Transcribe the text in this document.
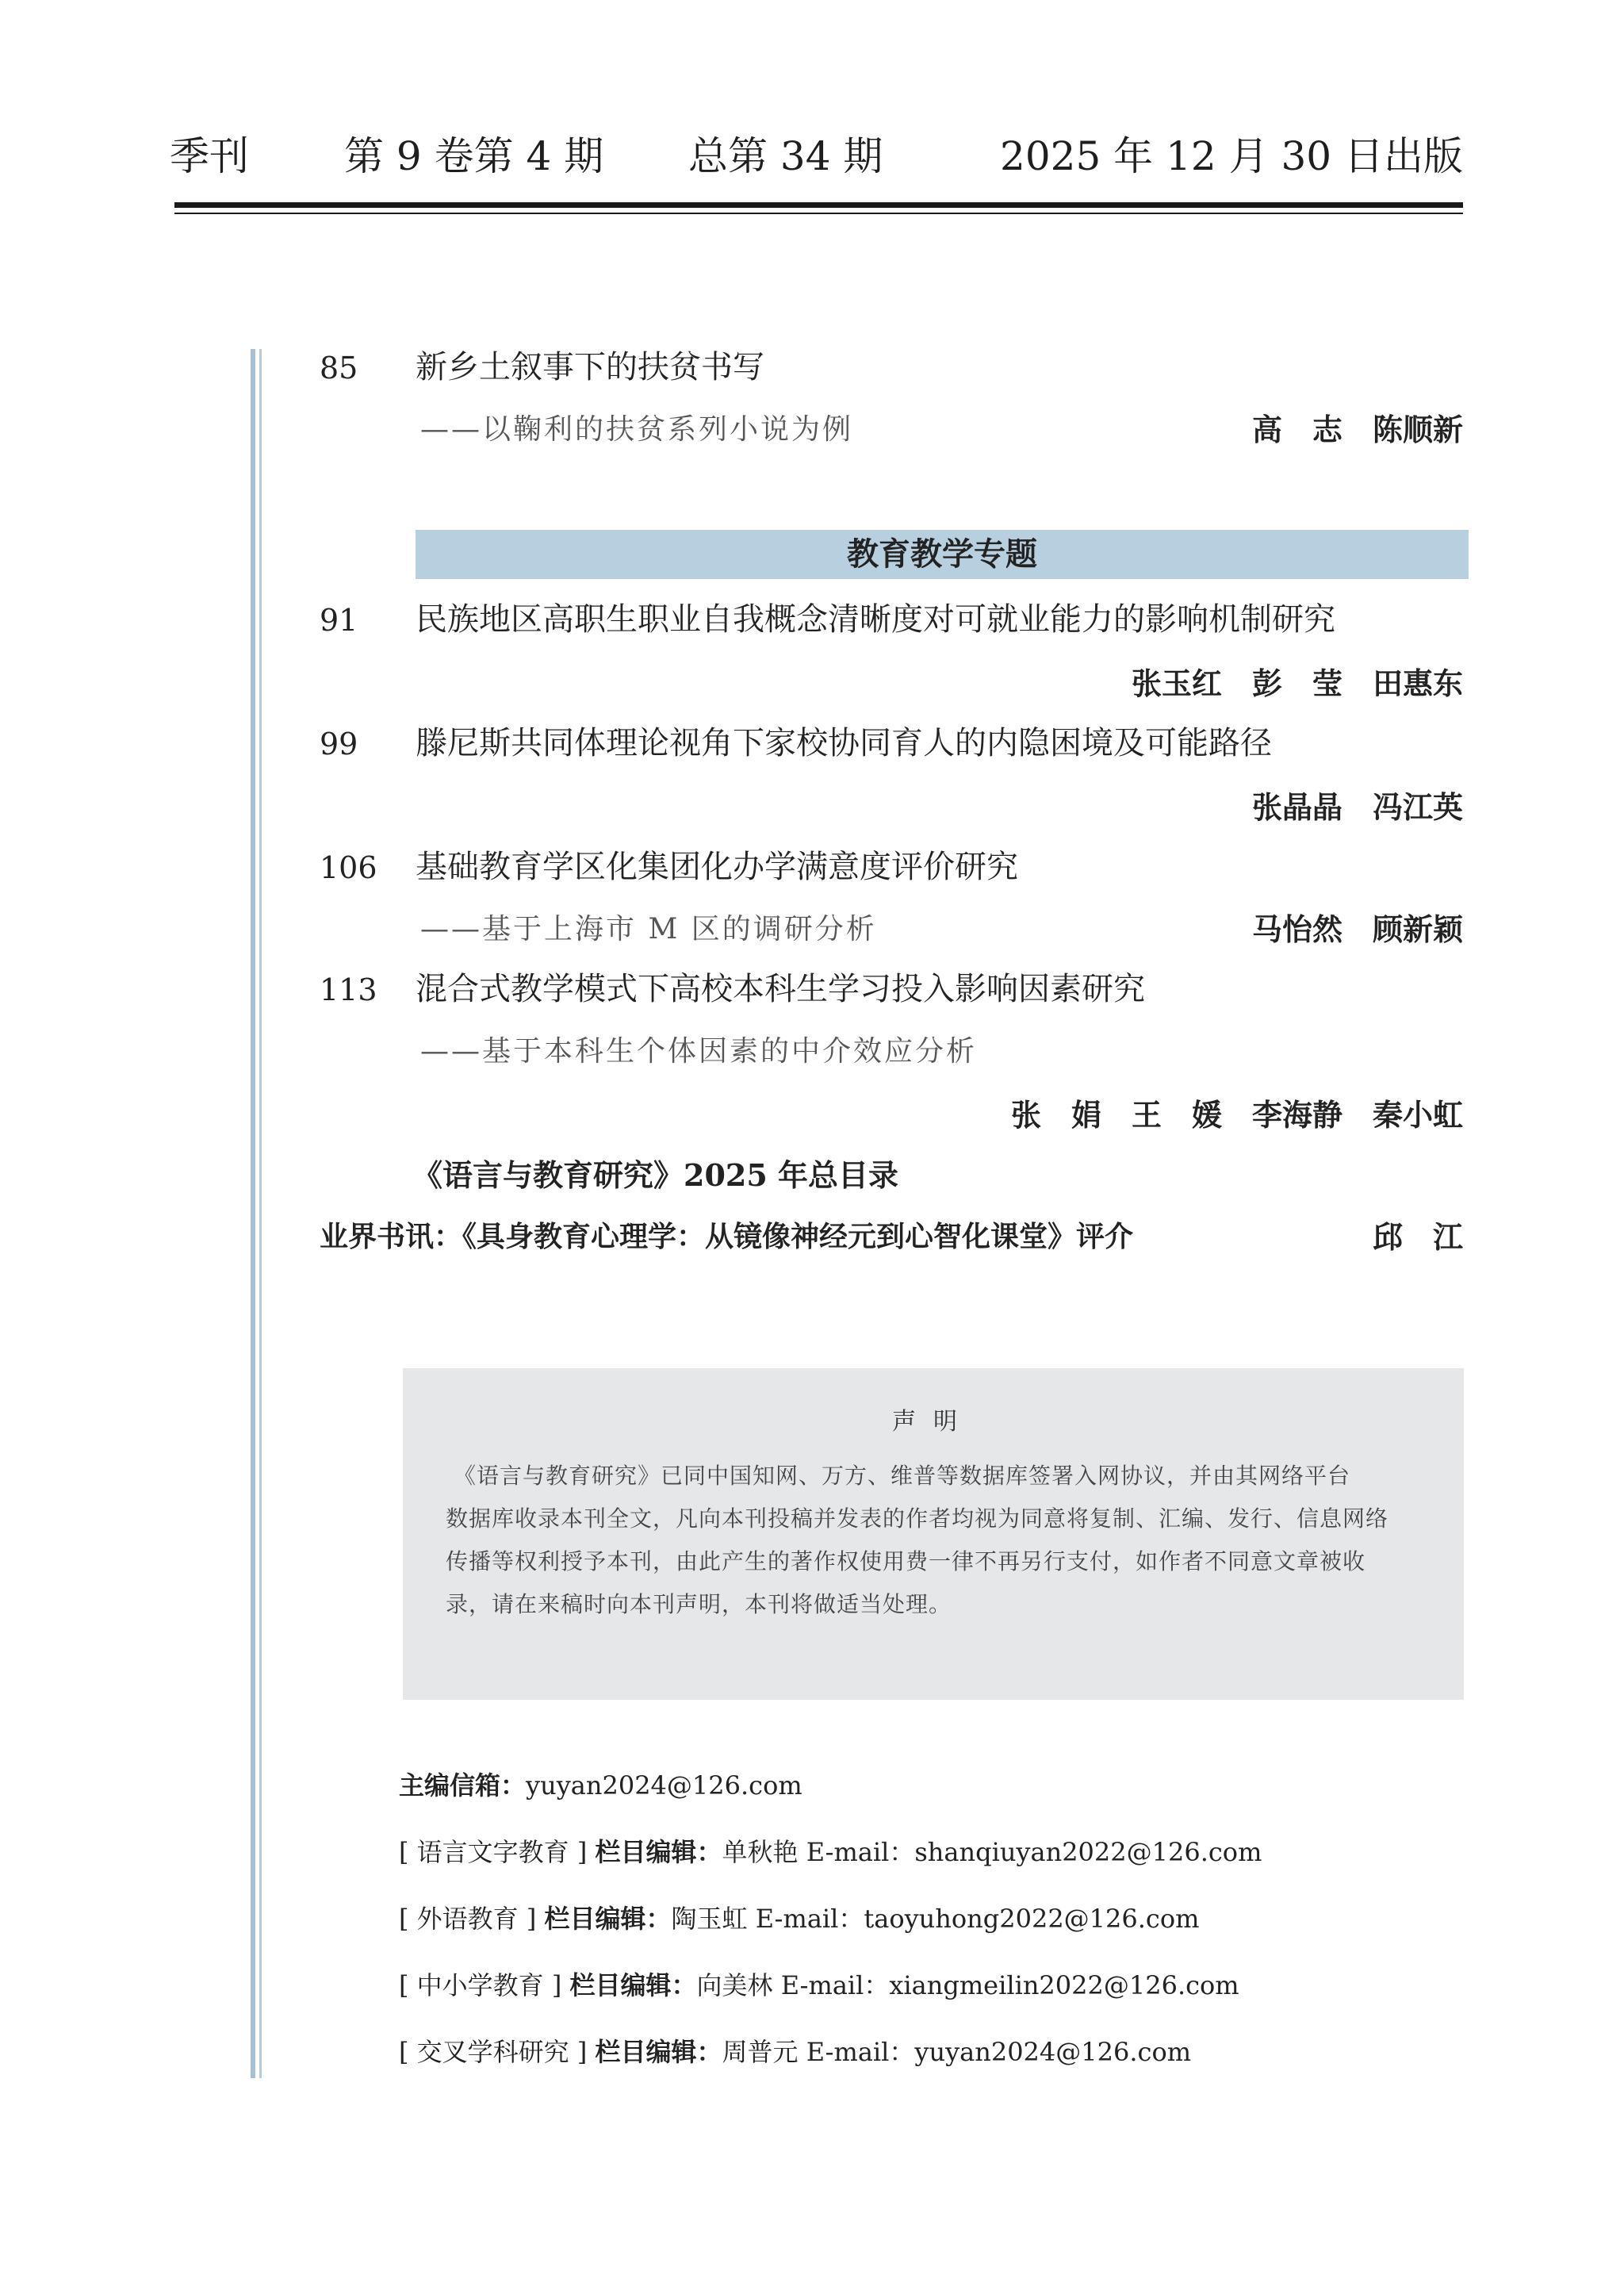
季刊 第 9 卷第 4 期 总第 34 期	2025 年 12 月 30 日出版
85 新乡土叙事下的扶贫书写
——以鞠利的扶贫系列小说为例	高　志　陈顺新
教育教学专题
91 民族地区高职生职业自我概念清晰度对可就业能力的影响机制研究
张玉红　彭　莹　田惠东
99 滕尼斯共同体理论视角下家校协同育人的内隐困境及可能路径
张晶晶　冯江英
106 基础教育学区化集团化办学满意度评价研究
——基于上海市 M 区的调研分析	马怡然　顾新颖
113 混合式教学模式下高校本科生学习投入影响因素研究
——基于本科生个体因素的中介效应分析
张　娟　王　媛　李海静　秦小虹
《语言与教育研究》2025 年总目录
业界书讯：《具身教育心理学：从镜像神经元到心智化课堂》评介	邱　江
声明
《语言与教育研究》已同中国知网、万方、维普等数据库签署入网协议，并由其网络平台
数据库收录本刊全文，凡向本刊投稿并发表的作者均视为同意将复制、汇编、发行、信息网络
传播等权利授予本刊，由此产生的著作权使用费一律不再另行支付，如作者不同意文章被收
录，请在来稿时向本刊声明，本刊将做适当处理。
主编信箱：yuyan2024@126.com
[ 语言文字教育 ] 栏目编辑：单秋艳 E-mail：shanqiuyan2022@126.com
[ 外语教育 ] 栏目编辑：陶玉虹 E-mail：taoyuhong2022@126.com
[ 中小学教育 ] 栏目编辑：向美林 E-mail：xiangmeilin2022@126.com
[ 交叉学科研究 ] 栏目编辑：周普元 E-mail：yuyan2024@126.com
